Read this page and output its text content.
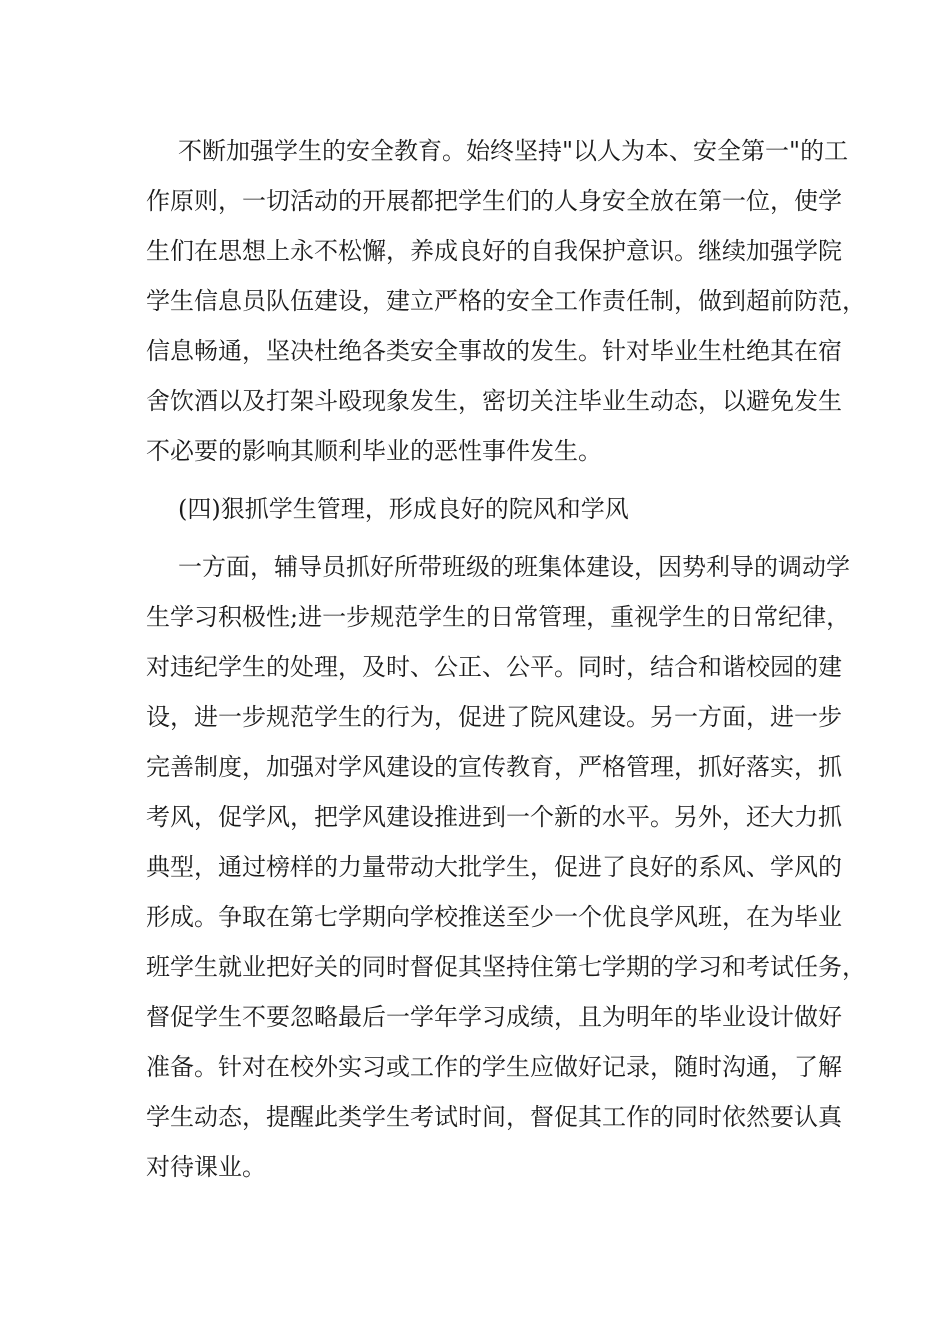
不断加强学生的安全教育。始终坚持"以人为本、安全第一"的工
作原则，一切活动的开展都把学生们的人身安全放在第一位，使学
生们在思想上永不松懈，养成良好的自我保护意识。继续加强学院
学生信息员队伍建设，建立严格的安全工作责任制，做到超前防范，
信息畅通，坚决杜绝各类安全事故的发生。针对毕业生杜绝其在宿
舍饮酒以及打架斗殴现象发生，密切关注毕业生动态，以避免发生
不必要的影响其顺利毕业的恶性事件发生。
(四)狠抓学生管理，形成良好的院风和学风
一方面，辅导员抓好所带班级的班集体建设，因势利导的调动学
生学习积极性;进一步规范学生的日常管理，重视学生的日常纪律，
对违纪学生的处理，及时、公正、公平。同时，结合和谐校园的建
设，进一步规范学生的行为，促进了院风建设。另一方面，进一步
完善制度，加强对学风建设的宣传教育，严格管理，抓好落实，抓
考风，促学风，把学风建设推进到一个新的水平。另外，还大力抓
典型，通过榜样的力量带动大批学生，促进了良好的系风、学风的
形成。争取在第七学期向学校推送至少一个优良学风班，在为毕业
班学生就业把好关的同时督促其坚持住第七学期的学习和考试任务，
督促学生不要忽略最后一学年学习成绩，且为明年的毕业设计做好
准备。针对在校外实习或工作的学生应做好记录，随时沟通，了解
学生动态，提醒此类学生考试时间，督促其工作的同时依然要认真
对待课业。
